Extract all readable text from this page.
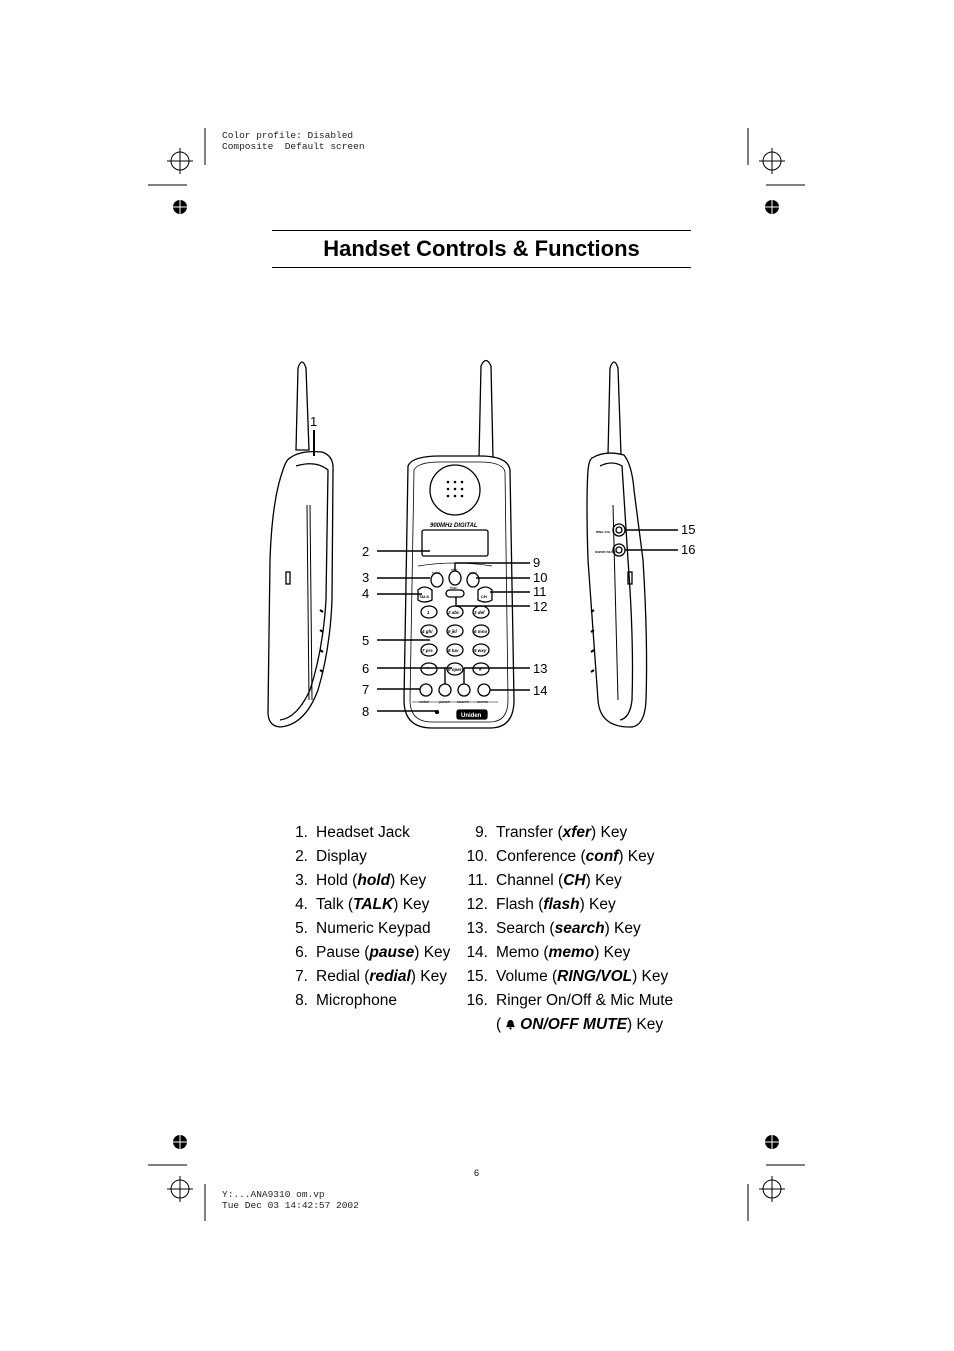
Color profile: Disabled
Composite  Default screen
Handset Controls & Functions
1
2
3
4
5
6
7
8
9
10
11
12
13
14
15
16
900MHz DIGITAL
hold
xfer
conf
TALK	CH
flash
1	2 abc	3 def
4 ghi	5 jkl	6 mno
7 prs	8 tuv	9 wxy
*	0 oper	#
redial	pause search memo
Uniden
RING VOL
ON/OFF MUTE
1. Headset Jack
2. Display
3. Hold (hold) Key
4. Talk (TALK) Key
5. Numeric Keypad
6. Pause (pause) Key
7. Redial (redial) Key
8. Microphone
9. Transfer (xfer) Key
10. Conference (conf) Key
11. Channel (CH) Key
12. Flash (flash) Key
13. Search (search) Key
14. Memo (memo) Key
15. Volume (RING/VOL) Key
16. Ringer On/Off & Mic Mute
( ON/OFF MUTE) Key
6
Y:...ANA9310 om.vp
Tue Dec 03 14:42:57 2002
